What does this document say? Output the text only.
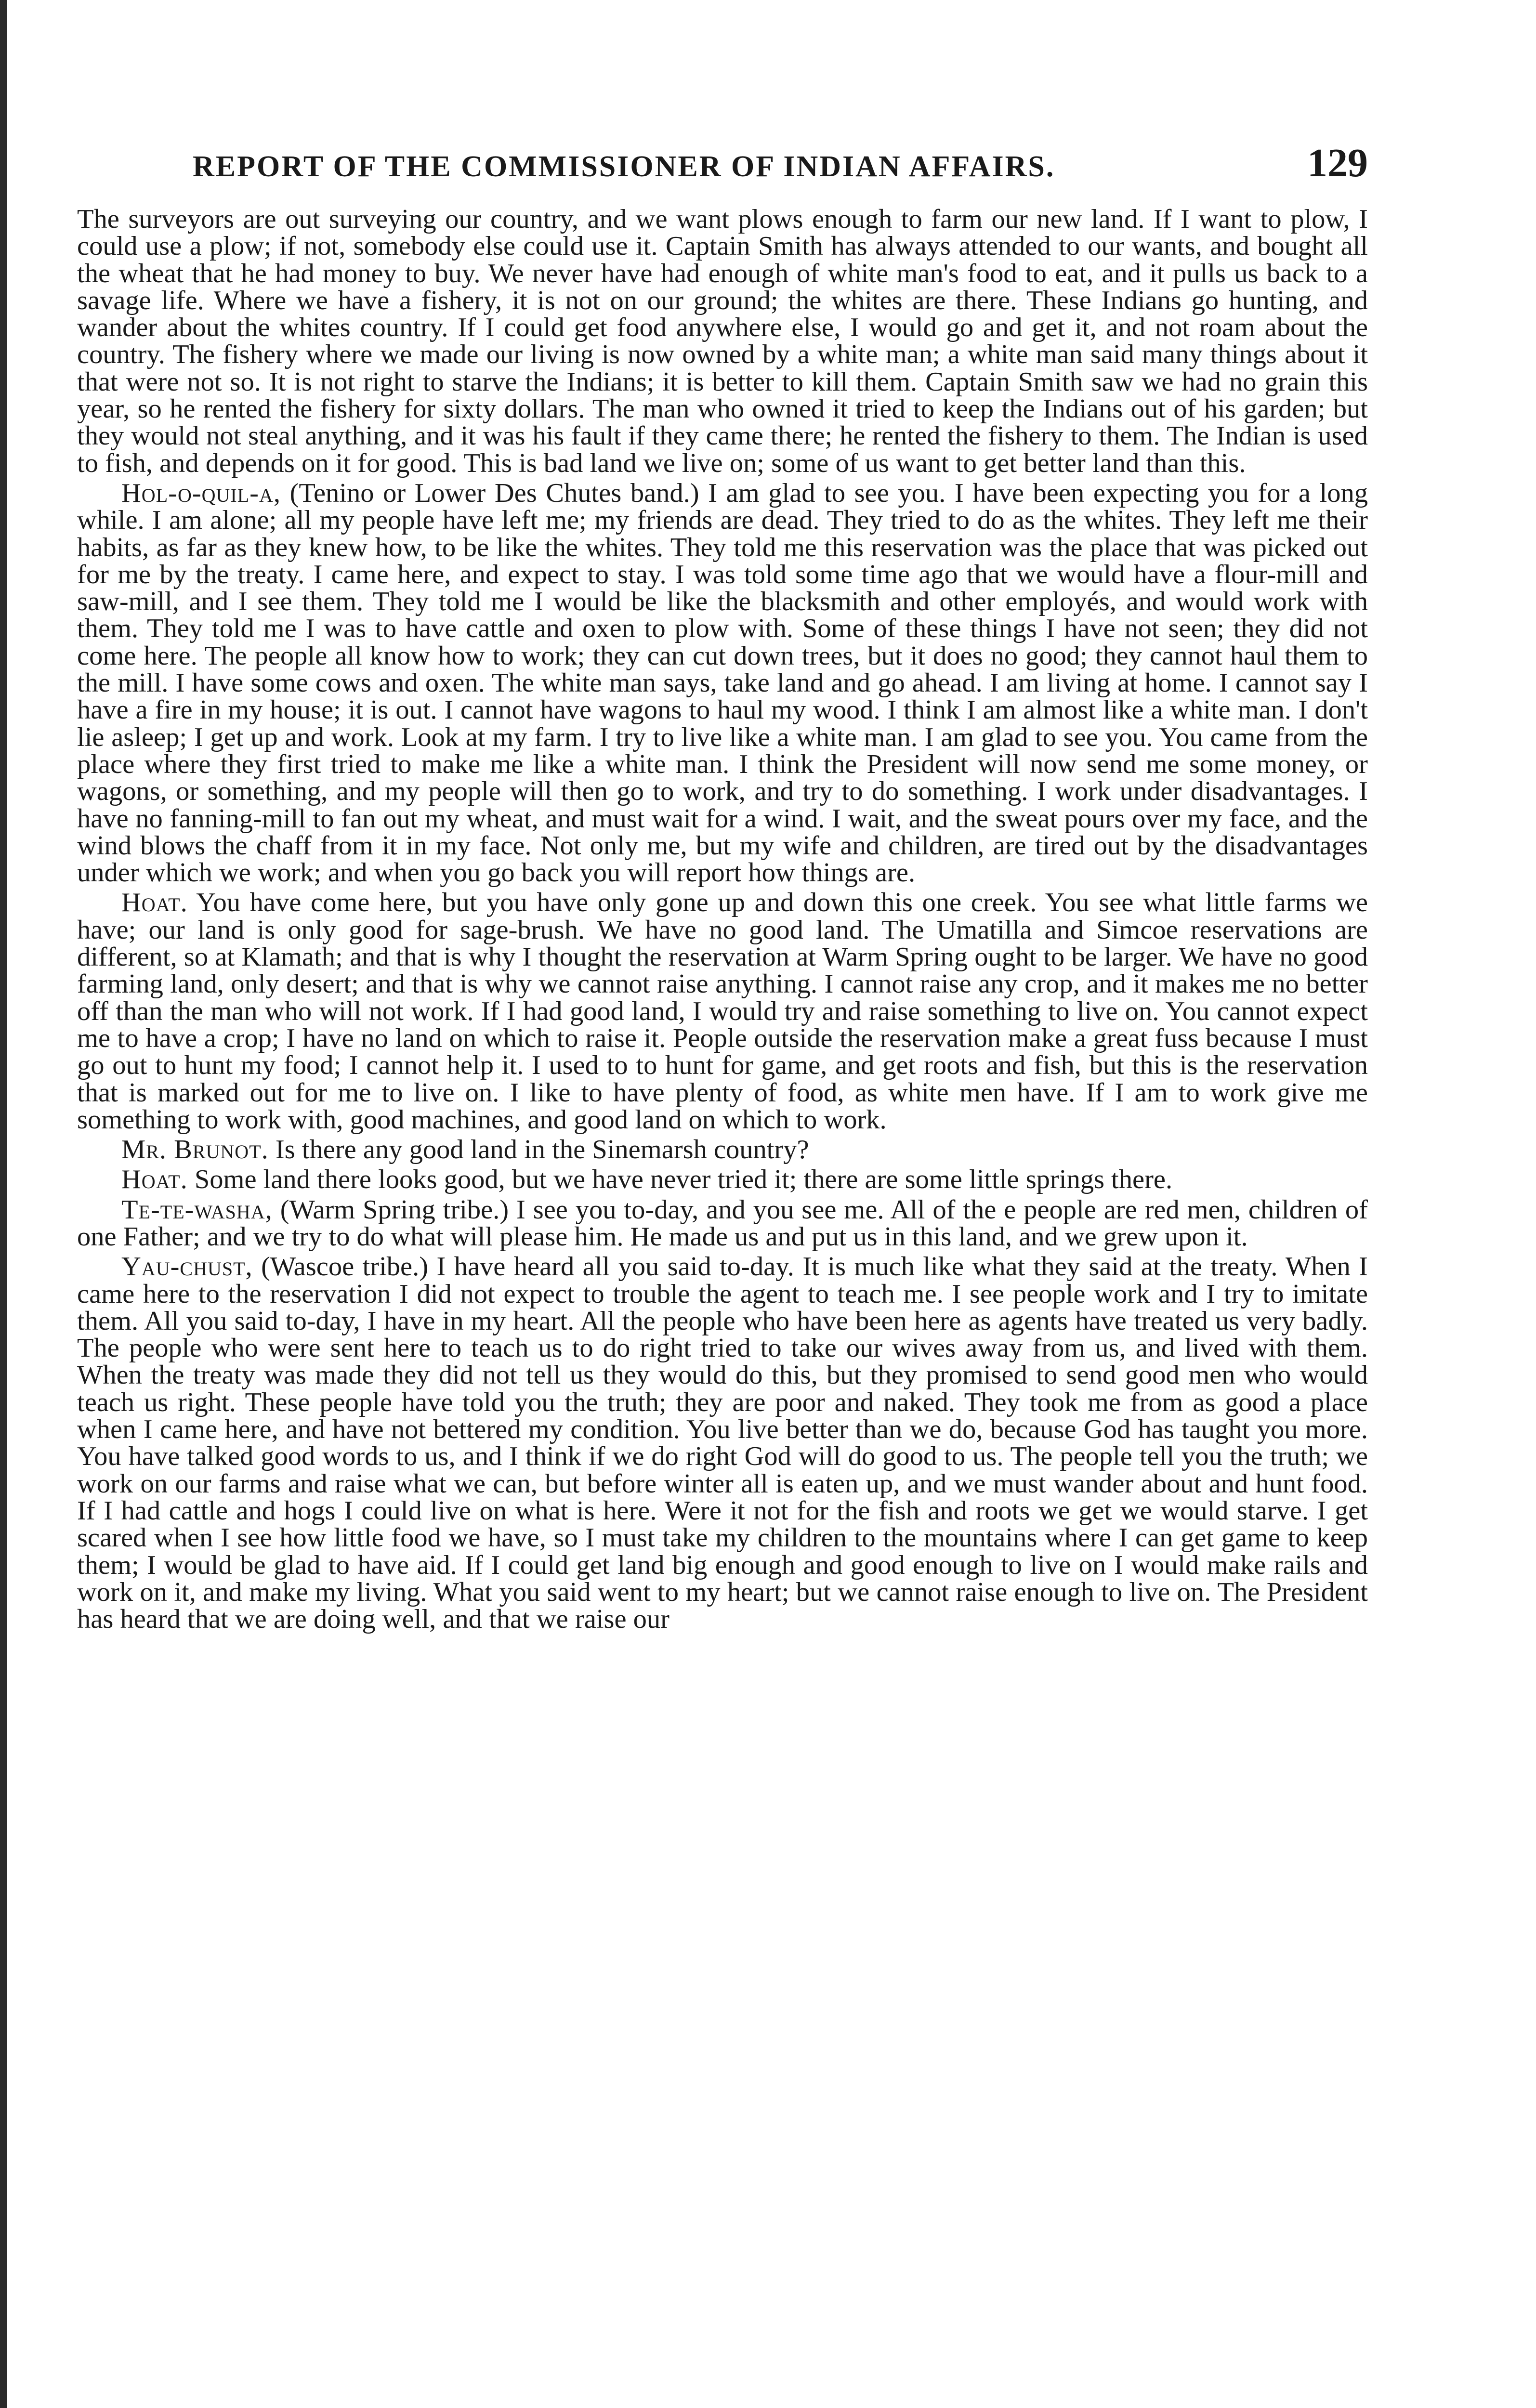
REPORT OF THE COMMISSIONER OF INDIAN AFFAIRS.	129

The surveyors are out surveying our country, and we want plows enough to farm our new land. If I want to plow, I could use a plow; if not, somebody else could use it. Captain Smith has always attended to our wants, and bought all the wheat that he had money to buy. We never have had enough of white man's food to eat, and it pulls us back to a savage life. Where we have a fishery, it is not on our ground; the whites are there. These Indians go hunting, and wander about the whites country. If I could get food anywhere else, I would go and get it, and not roam about the country. The fishery where we made our living is now owned by a white man; a white man said many things about it that were not so. It is not right to starve the Indians; it is better to kill them. Captain Smith saw we had no grain this year, so he rented the fishery for sixty dollars. The man who owned it tried to keep the Indians out of his garden; but they would not steal anything, and it was his fault if they came there; he rented the fishery to them. The Indian is used to fish, and depends on it for good. This is bad land we live on; some of us want to get better land than this.

Hol-o-quil-a, (Tenino or Lower Des Chutes band.) I am glad to see you. I have been expecting you for a long while. I am alone; all my people have left me; my friends are dead. They tried to do as the whites. They left me their habits, as far as they knew how, to be like the whites. They told me this reservation was the place that was picked out for me by the treaty. I came here, and expect to stay. I was told some time ago that we would have a flour-mill and saw-mill, and I see them. They told me I would be like the blacksmith and other employés, and would work with them. They told me I was to have cattle and oxen to plow with. Some of these things I have not seen; they did not come here. The people all know how to work; they can cut down trees, but it does no good; they cannot haul them to the mill. I have some cows and oxen. The white man says, take land and go ahead. I am living at home. I cannot say I have a fire in my house; it is out. I cannot have wagons to haul my wood. I think I am almost like a white man. I don't lie asleep; I get up and work. Look at my farm. I try to live like a white man. I am glad to see you. You came from the place where they first tried to make me like a white man. I think the President will now send me some money, or wagons, or something, and my people will then go to work, and try to do something. I work under disadvantages. I have no fanning-mill to fan out my wheat, and must wait for a wind. I wait, and the sweat pours over my face, and the wind blows the chaff from it in my face. Not only me, but my wife and children, are tired out by the disadvantages under which we work; and when you go back you will report how things are.

Hoat. You have come here, but you have only gone up and down this one creek. You see what little farms we have; our land is only good for sage-brush. We have no good land. The Umatilla and Simcoe reservations are different, so at Klamath; and that is why I thought the reservation at Warm Spring ought to be larger. We have no good farming land, only desert; and that is why we cannot raise anything. I cannot raise any crop, and it makes me no better off than the man who will not work. If I had good land, I would try and raise something to live on. You cannot expect me to have a crop; I have no land on which to raise it. People outside the reservation make a great fuss because I must go out to hunt my food; I cannot help it. I used to to hunt for game, and get roots and fish, but this is the reservation that is marked out for me to live on. I like to have plenty of food, as white men have. If I am to work give me something to work with, good machines, and good land on which to work.

Mr. Brunot. Is there any good land in the Sinemarsh country?

Hoat. Some land there looks good, but we have never tried it; there are some little springs there.

Te-te-washa, (Warm Spring tribe.) I see you to-day, and you see me. All of the e people are red men, children of one Father; and we try to do what will please him. He made us and put us in this land, and we grew upon it.

Yau-chust, (Wascoe tribe.) I have heard all you said to-day. It is much like what they said at the treaty. When I came here to the reservation I did not expect to trouble the agent to teach me. I see people work and I try to imitate them. All you said to-day, I have in my heart. All the people who have been here as agents have treated us very badly. The people who were sent here to teach us to do right tried to take our wives away from us, and lived with them. When the treaty was made they did not tell us they would do this, but they promised to send good men who would teach us right. These people have told you the truth; they are poor and naked. They took me from as good a place when I came here, and have not bettered my condition. You live better than we do, because God has taught you more. You have talked good words to us, and I think if we do right God will do good to us. The people tell you the truth; we work on our farms and raise what we can, but before winter all is eaten up, and we must wander about and hunt food. If I had cattle and hogs I could live on what is here. Were it not for the fish and roots we get we would starve. I get scared when I see how little food we have, so I must take my children to the mountains where I can get game to keep them; I would be glad to have aid. If I could get land big enough and good enough to live on I would make rails and work on it, and make my living. What you said went to my heart; but we cannot raise enough to live on. The President has heard that we are doing well, and that we raise our
